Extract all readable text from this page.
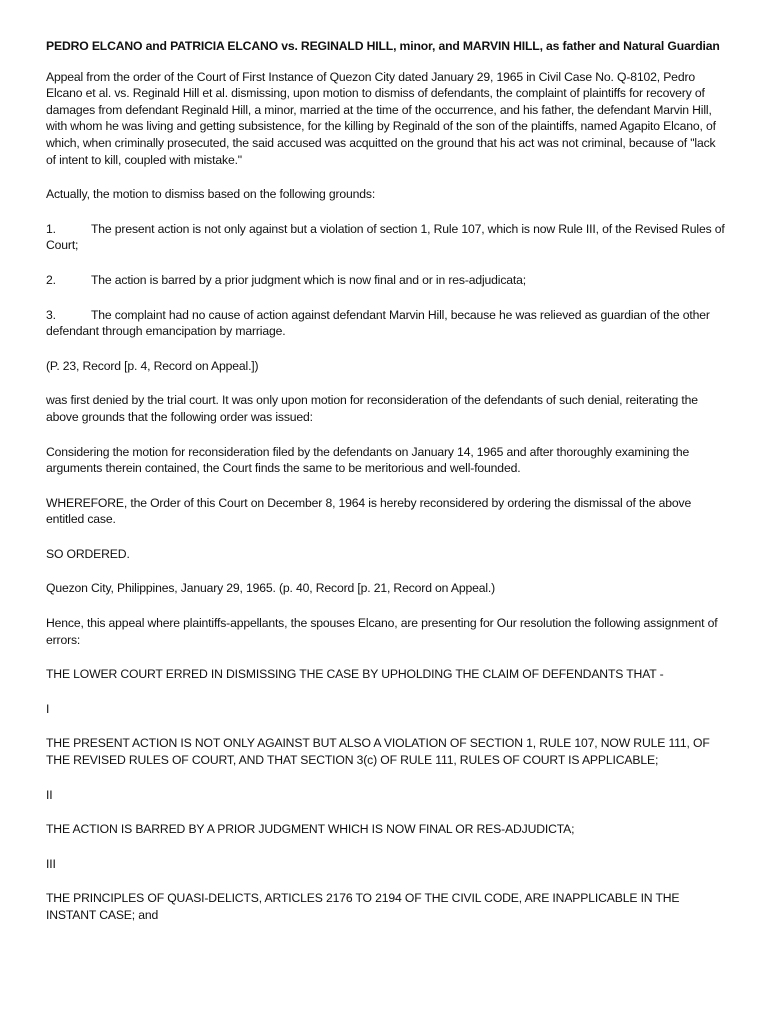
PEDRO ELCANO and PATRICIA ELCANO vs. REGINALD HILL, minor, and MARVIN HILL, as father and Natural Guardian

Appeal from the order of the Court of First Instance of Quezon City dated January 29, 1965 in Civil Case No. Q-8102, Pedro Elcano et al. vs. Reginald Hill et al. dismissing, upon motion to dismiss of defendants, the complaint of plaintiffs for recovery of damages from defendant Reginald Hill, a minor, married at the time of the occurrence, and his father, the defendant Marvin Hill, with whom he was living and getting subsistence, for the killing by Reginald of the son of the plaintiffs, named Agapito Elcano, of which, when criminally prosecuted, the said accused was acquitted on the ground that his act was not criminal, because of "lack of intent to kill, coupled with mistake."

Actually, the motion to dismiss based on the following grounds:

1.	The present action is not only against but a violation of section 1, Rule 107, which is now Rule III, of the Revised Rules of Court;

2.	The action is barred by a prior judgment which is now final and or in res-adjudicata;

3.	The complaint had no cause of action against defendant Marvin Hill, because he was relieved as guardian of the other defendant through emancipation by marriage.

(P. 23, Record [p. 4, Record on Appeal.])

was first denied by the trial court. It was only upon motion for reconsideration of the defendants of such denial, reiterating the above grounds that the following order was issued:

Considering the motion for reconsideration filed by the defendants on January 14, 1965 and after thoroughly examining the arguments therein contained, the Court finds the same to be meritorious and well-founded.

WHEREFORE, the Order of this Court on December 8, 1964 is hereby reconsidered by ordering the dismissal of the above entitled case.

SO ORDERED.

Quezon City, Philippines, January 29, 1965. (p. 40, Record [p. 21, Record on Appeal.)

Hence, this appeal where plaintiffs-appellants, the spouses Elcano, are presenting for Our resolution the following assignment of errors:

THE LOWER COURT ERRED IN DISMISSING THE CASE BY UPHOLDING THE CLAIM OF DEFENDANTS THAT -

I

THE PRESENT ACTION IS NOT ONLY AGAINST BUT ALSO A VIOLATION OF SECTION 1, RULE 107, NOW RULE 111, OF THE REVISED RULES OF COURT, AND THAT SECTION 3(c) OF RULE 111, RULES OF COURT IS APPLICABLE;

II

THE ACTION IS BARRED BY A PRIOR JUDGMENT WHICH IS NOW FINAL OR RES-ADJUDICTA;

III

THE PRINCIPLES OF QUASI-DELICTS, ARTICLES 2176 TO 2194 OF THE CIVIL CODE, ARE INAPPLICABLE IN THE INSTANT CASE; and
